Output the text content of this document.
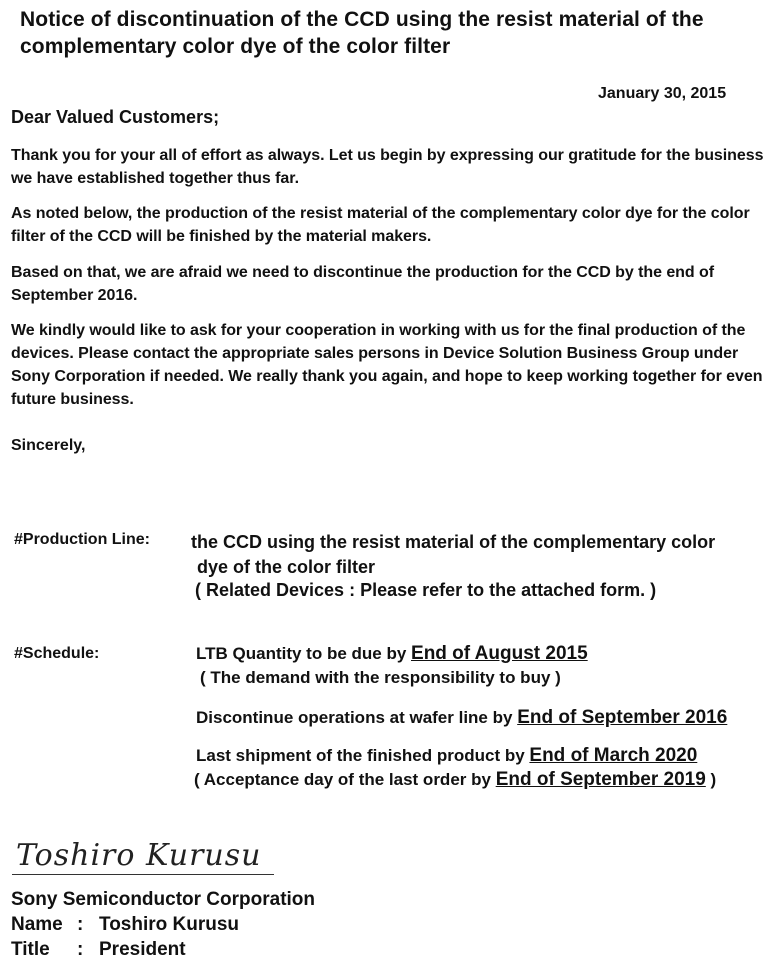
Notice of discontinuation of the CCD using the resist material of the complementary color dye of the color filter
January 30, 2015
Dear Valued Customers;
Thank you for your all of effort as always. Let us begin by expressing our gratitude for the business we have established together thus far.
As noted below, the production of the resist material of the complementary color dye for the color filter of the CCD will be finished by the material makers.
Based on that, we are afraid we need to discontinue the production for the CCD by the end of September 2016.
We kindly would like to ask for your cooperation in working with us for the final production of the devices. Please contact the appropriate sales persons in Device Solution Business Group under Sony Corporation if needed. We really thank you again, and hope to keep working together for even future business.
Sincerely,
#Production Line: the CCD using the resist material of the complementary color
dye of the color filter
( Related Devices : Please refer to the attached form. )
#Schedule:	LTB Quantity to be due by End of August 2015
( The demand with the responsibility to buy )
Discontinue operations at wafer line by End of September 2016
Last shipment of the finished product by End of March 2020
( Acceptance day of the last order by End of September 2019 )
Toshiro Kurusu
Sony Semiconductor Corporation
Name : Toshiro Kurusu
Title : President
